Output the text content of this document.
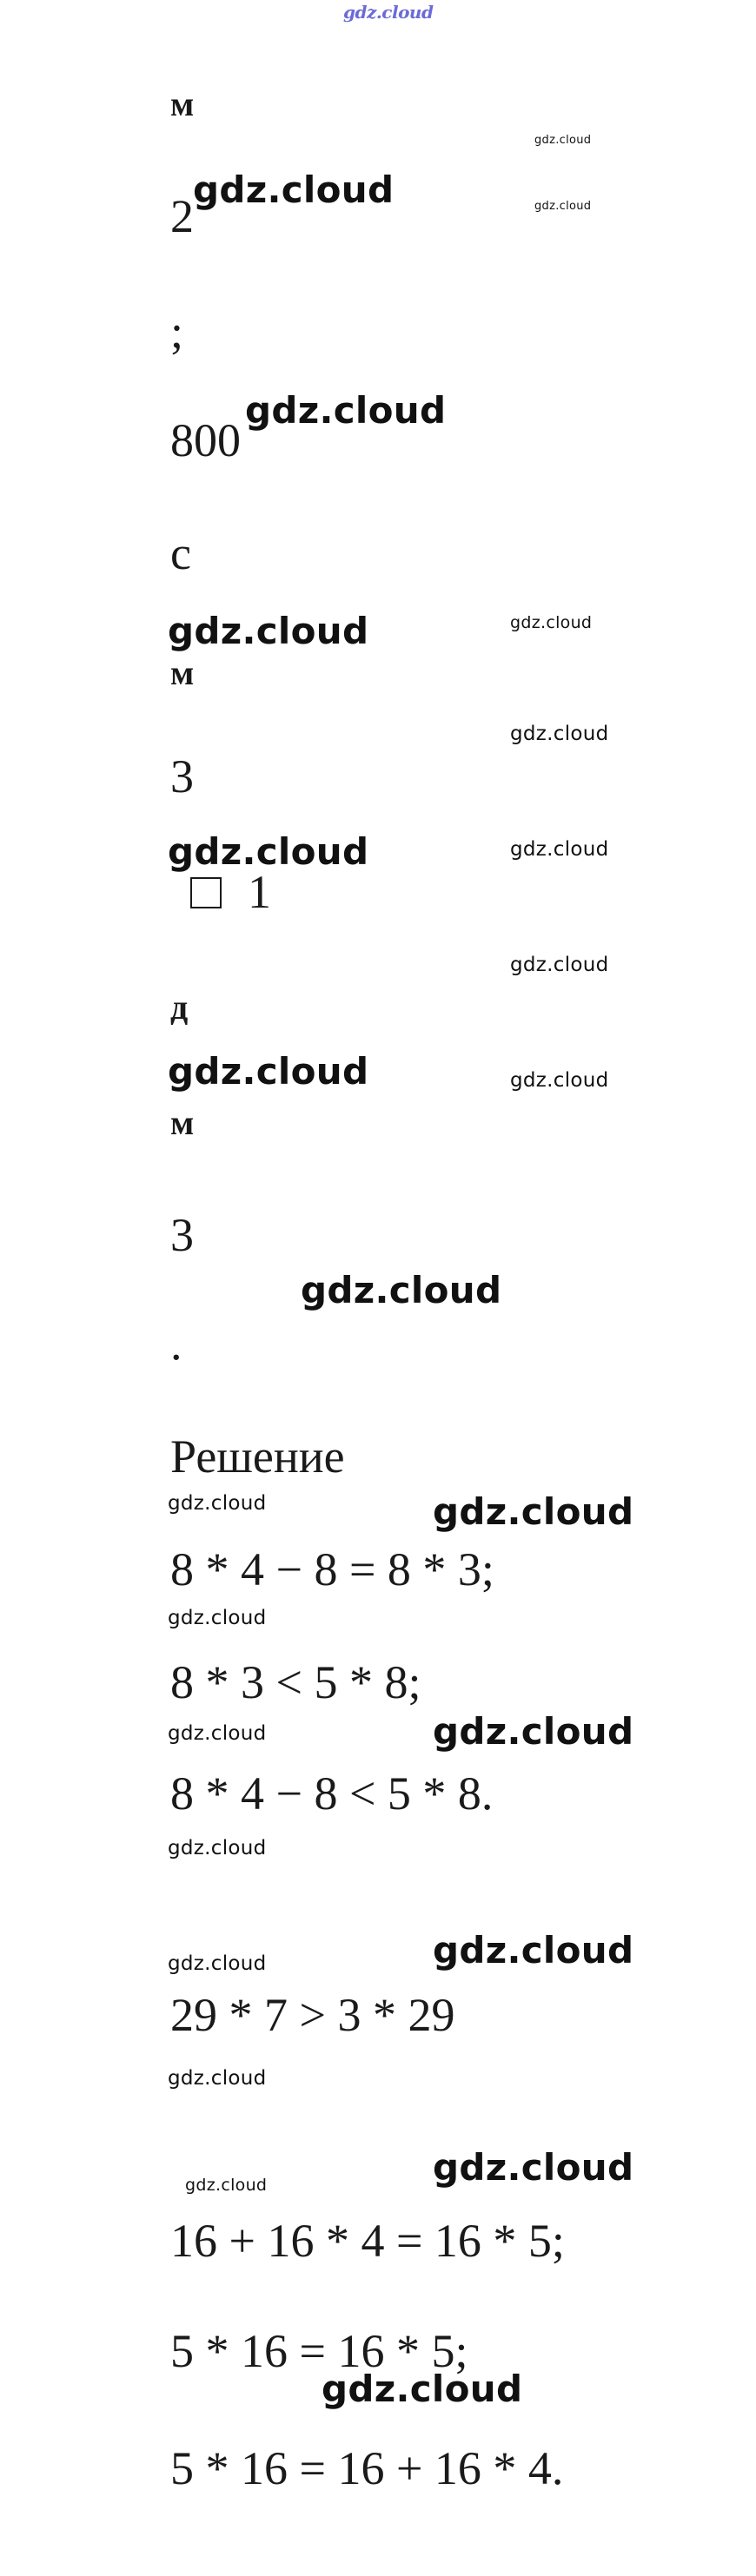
gdz.cloud
gdz.cloud
gdz.cloud	gdz.cloud
gdz.cloud
gdz.cloud	gdz.cloud
gdz.cloud
gdz.cloud	gdz.cloud
gdz.cloud
gdz.cloud	gdz.cloud
gdz.cloud
gdz.cloud	gdz.cloud
gdz.cloud
gdz.cloud	gdz.cloud
gdz.cloud
gdz.cloud	gdz.cloud
gdz.cloud
gdz.cloud	gdz.cloud
gdz.cloud
м
2
;
800
с
м
3
1
д
м
3
.
Решение
8 * 4 − 8 = 8 * 3;
8 * 3 < 5 * 8;
8 * 4 − 8 < 5 * 8.
29 * 7 > 3 * 29
16 + 16 * 4 = 16 * 5;
5 * 16 = 16 * 5;
5 * 16 = 16 + 16 * 4.
